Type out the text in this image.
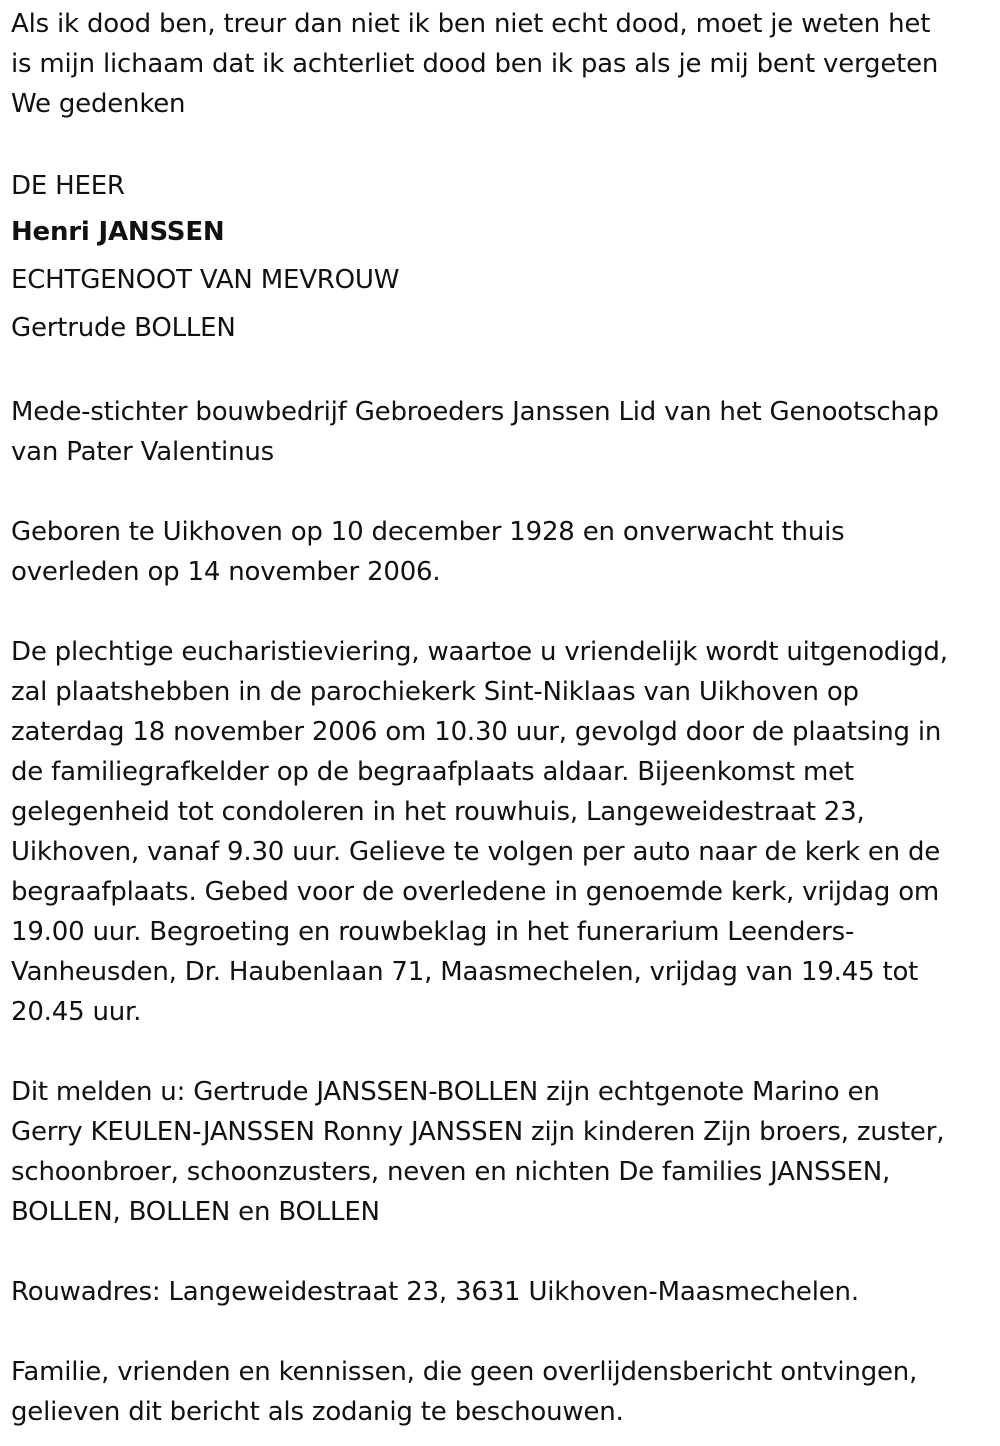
Als ik dood ben, treur dan niet ik ben niet echt dood, moet je weten het
is mijn lichaam dat ik achterliet dood ben ik pas als je mij bent vergeten
We gedenken

DE HEER

Henri JANSSEN

ECHTGENOOT VAN MEVROUW

Gertrude BOLLEN

Mede-stichter bouwbedrijf Gebroeders Janssen Lid van het Genootschap
van Pater Valentinus

Geboren te Uikhoven op 10 december 1928 en onverwacht thuis
overleden op 14 november 2006.

De plechtige eucharistieviering, waartoe u vriendelijk wordt uitgenodigd,
zal plaatshebben in de parochiekerk Sint-Niklaas van Uikhoven op
zaterdag 18 november 2006 om 10.30 uur, gevolgd door de plaatsing in
de familiegrafkelder op de begraafplaats aldaar. Bijeenkomst met
gelegenheid tot condoleren in het rouwhuis, Langeweidestraat 23,
Uikhoven, vanaf 9.30 uur. Gelieve te volgen per auto naar de kerk en de
begraafplaats. Gebed voor de overledene in genoemde kerk, vrijdag om
19.00 uur. Begroeting en rouwbeklag in het funerarium Leenders-
Vanheusden, Dr. Haubenlaan 71, Maasmechelen, vrijdag van 19.45 tot
20.45 uur.

Dit melden u: Gertrude JANSSEN-BOLLEN zijn echtgenote Marino en
Gerry KEULEN-JANSSEN Ronny JANSSEN zijn kinderen Zijn broers, zuster,
schoonbroer, schoonzusters, neven en nichten De families JANSSEN,
BOLLEN, BOLLEN en BOLLEN

Rouwadres: Langeweidestraat 23, 3631 Uikhoven-Maasmechelen.

Familie, vrienden en kennissen, die geen overlijdensbericht ontvingen,
gelieven dit bericht als zodanig te beschouwen.
